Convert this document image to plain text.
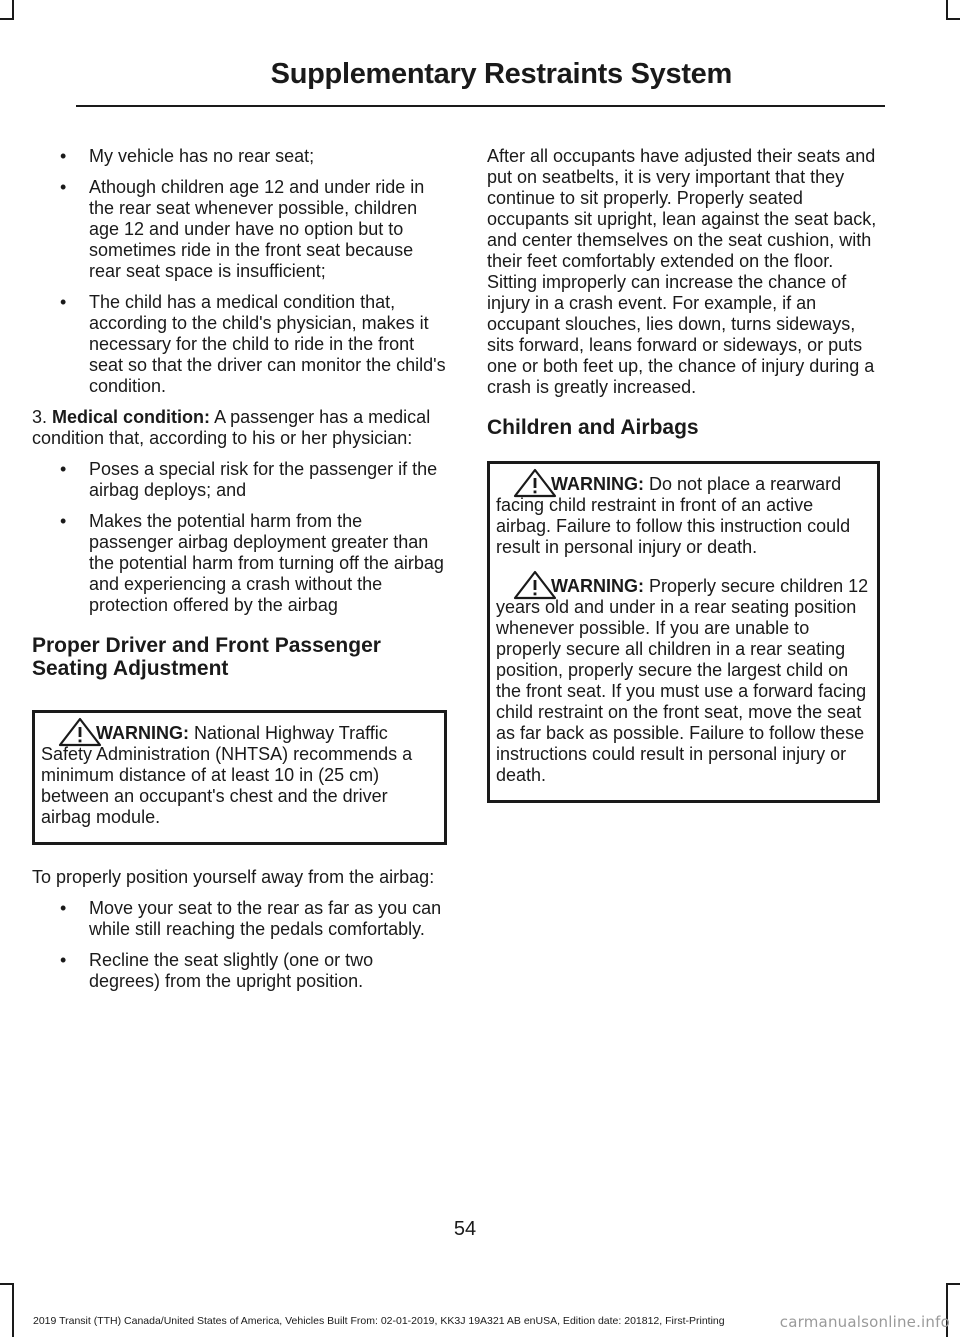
Supplementary Restraints System
• My vehicle has no rear seat;
• Athough children age 12 and under ride in the rear seat whenever possible, children age 12 and under have no option but to sometimes ride in the front seat because rear seat space is insufficient;
• The child has a medical condition that, according to the child's physician, makes it necessary for the child to ride in the front seat so that the driver can monitor the child's condition.

3. Medical condition: A passenger has a medical condition that, according to his or her physician:

• Poses a special risk for the passenger if the airbag deploys; and
• Makes the potential harm from the passenger airbag deployment greater than the potential harm from turning off the airbag and experiencing a crash without the protection offered by the airbag
Proper Driver and Front Passenger Seating Adjustment

WARNING: National Highway Traffic Safety Administration (NHTSA) recommends a minimum distance of at least 10 in (25 cm) between an occupant's chest and the driver airbag module.

To properly position yourself away from the airbag:

• Move your seat to the rear as far as you can while still reaching the pedals comfortably.
• Recline the seat slightly (one or two degrees) from the upright position.

After all occupants have adjusted their seats and put on seatbelts, it is very important that they continue to sit properly. Properly seated occupants sit upright, lean against the seat back, and center themselves on the seat cushion, with their feet comfortably extended on the floor. Sitting improperly can increase the chance of injury in a crash event. For example, if an occupant slouches, lies down, turns sideways, sits forward, leans forward or sideways, or puts one or both feet up, the chance of injury during a crash is greatly increased.

Children and Airbags

WARNING: Do not place a rearward facing child restraint in front of an active airbag. Failure to follow this instruction could result in personal injury or death.

WARNING: Properly secure children 12 years old and under in a rear seating position whenever possible. If you are unable to properly secure all children in a rear seating position, properly secure the largest child on the front seat. If you must use a forward facing child restraint on the front seat, move the seat as far back as possible. Failure to follow these instructions could result in personal injury or death.

54
2019 Transit (TTH) Canada/United States of America, Vehicles Built From: 02-01-2019, KK3J 19A321 AB enUSA, Edition date: 201812, First-Printing	carmanualsonline.info
